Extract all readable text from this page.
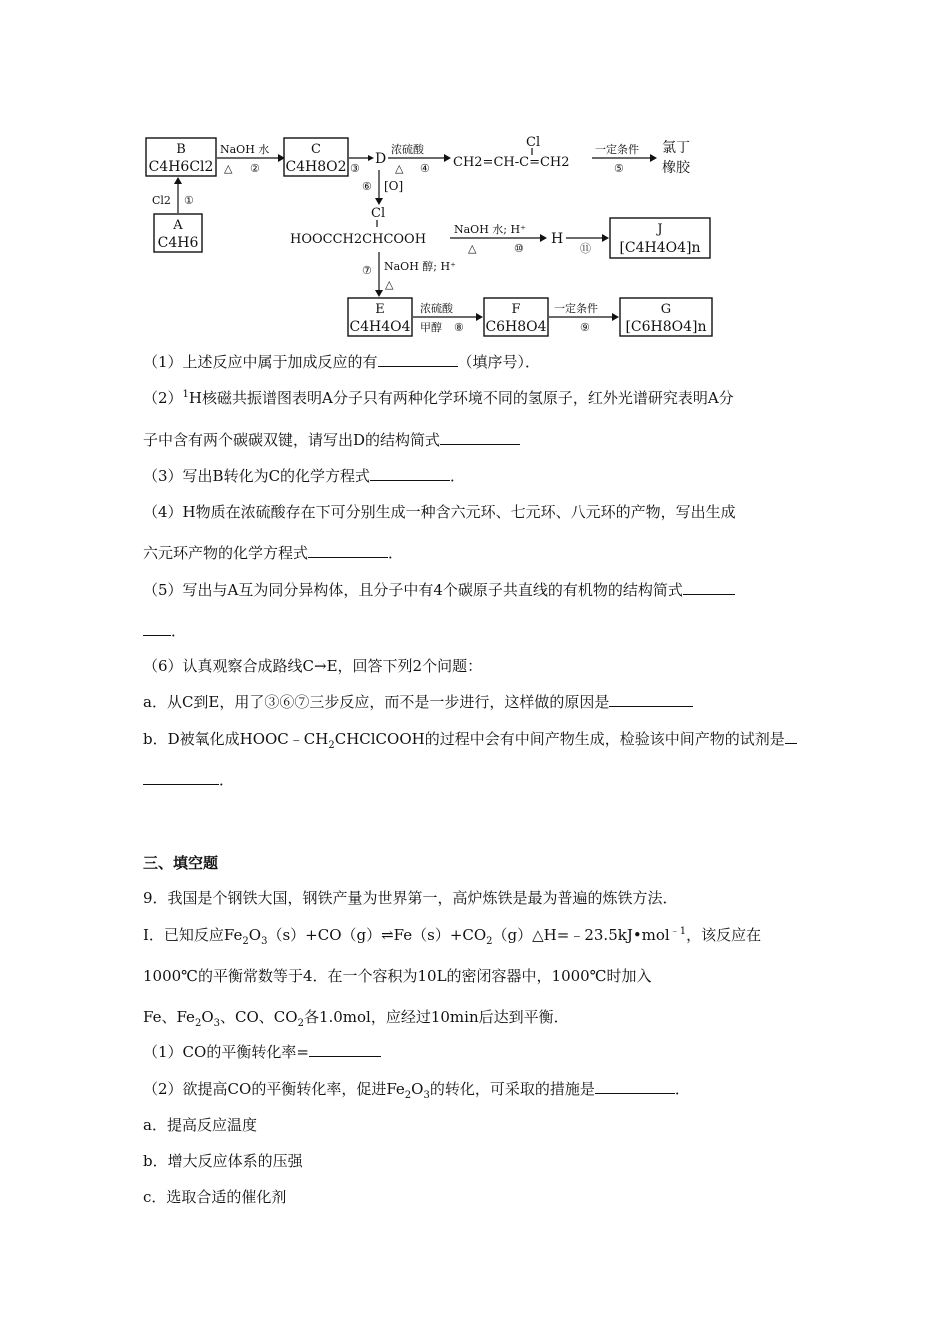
B
C4H6Cl2
NaOH 水
△ ②
C
C4H8O2 ③
D
浓硫酸
△ ④ CH2=CH-C=CH2
Cl	一定条件
⑤
氯丁
橡胶
A
C4H6
Cl2 ①
⑥ [O]
Cl
HOOCCH2CHCOOH
NaOH 水; H⁺
△	⑩
H
⑪
J
[C4H4O4]n
⑦ NaOH 醇; H⁺
△
E
C4H4O4
浓硫酸
甲醇 ⑧
F
C6H8O4
一定条件
⑨
G
[C6H8O4]n
（1）上述反应中属于加成反应的有	（填序号）．
$(2)^1H$核磁共振谱图表明A分子只有两种化学环境不同的氢原子，红外光谱研究表明A分
子中含有两个碳碳双键，请写出D的结构简式
（3）写出B转化为C的化学方程式	．
（4）H物质在浓硫酸存在下可分别生成一种含六元环、七元环、八元环的产物，写出生成
六元环产物的化学方程式	．
（5）写出与A互为同分异构体，且分子中有4个碳原子共直线的有机物的结构简式
．
（6）认真观察合成路线C→E，回答下列2个问题：
a．从C到E，用了③⑥⑦三步反应，而不是一步进行，这样做的原因是
b．D被氧化成$HOOC﹣CH_2CHClCOOH$的过程中会有中间产物生成，检验该中间产物的试剂是
．
三、填空题
9．我国是个钢铁大国，钢铁产量为世界第一，高炉炼铁是最为普遍的炼铁方法．
Ⅰ．已知反应$Fe_2O_3(s)+CO(g)\rightleftharpoons Fe(s)+CO_2(g)\triangle H=﹣23.5kJ•mol^{﹣1}$，该反应在
1000℃的平衡常数等于4．在一个容积为10L的密闭容器中，1000℃时加入
Fe、$Fe_2O_3$、CO、$CO_2$各1.0mol，应经过10min后达到平衡．
（1）CO的平衡转化率=
（2）欲提高CO的平衡转化率，促进$Fe_2O_3$的转化，可采取的措施是	．
a．提高反应温度
b．增大反应体系的压强
c．选取合适的催化剂
